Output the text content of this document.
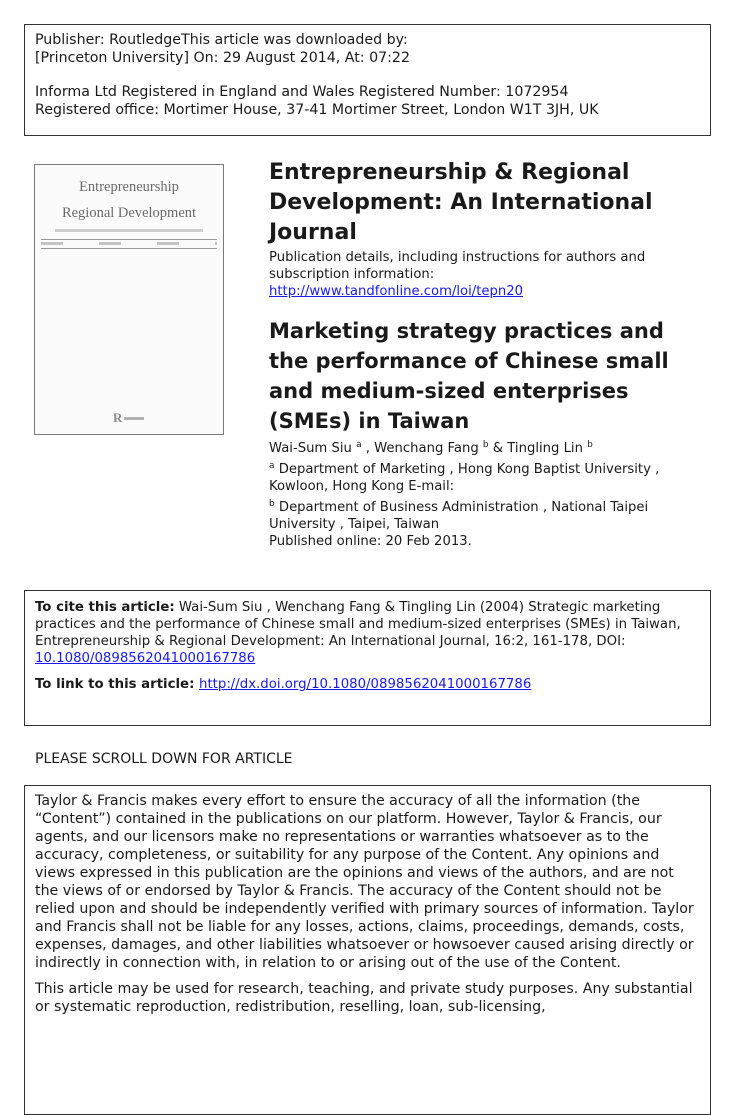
Publisher: RoutledgeThis article was downloaded by:

[Princeton University] On: 29 August 2014, At: 07:22

Informa Ltd Registered in England and Wales Registered Number: 1072954

Registered office: Mortimer House, 37-41 Mortimer Street, London W1T 3JH, UK

Entrepreneurship
Regional Development
R
Entrepreneurship & Regional Development: An International Journal
Publication details, including instructions for authors and subscription information:
http://www.tandfonline.com/loi/tepn20
Marketing strategy practices and the performance of Chinese small and medium-sized enterprises (SMEs) in Taiwan

Wai-Sum Siu $^a$ , Wenchang Fang $^b$ & Tingling Lin $^b$

$^a$ Department of Marketing , Hong Kong Baptist University , Kowloon, Hong Kong E-mail:

$^b$ Department of Business Administration , National Taipei University , Taipei, Taiwan

Published online: 20 Feb 2013.

To cite this article: Wai-Sum Siu , Wenchang Fang & Tingling Lin (2004) Strategic marketing practices and the performance of Chinese small and medium-sized enterprises (SMEs) in Taiwan, Entrepreneurship & Regional Development: An International Journal, 16:2, 161-178, DOI: 10.1080/0898562041000167786

To link to this article: http://dx.doi.org/10.1080/0898562041000167786

PLEASE SCROLL DOWN FOR ARTICLE

Taylor & Francis makes every effort to ensure the accuracy of all the information (the “Content”) contained in the publications on our platform. However, Taylor & Francis, our agents, and our licensors make no representations or warranties whatsoever as to the accuracy, completeness, or suitability for any purpose of the Content. Any opinions and views expressed in this publication are the opinions and views of the authors, and are not the views of or endorsed by Taylor & Francis. The accuracy of the Content should not be relied upon and should be independently verified with primary sources of information. Taylor and Francis shall not be liable for any losses, actions, claims, proceedings, demands, costs, expenses, damages, and other liabilities whatsoever or howsoever caused arising directly or indirectly in connection with, in relation to or arising out of the use of the Content.

This article may be used for research, teaching, and private study purposes. Any substantial or systematic reproduction, redistribution, reselling, loan, sub-licensing,
